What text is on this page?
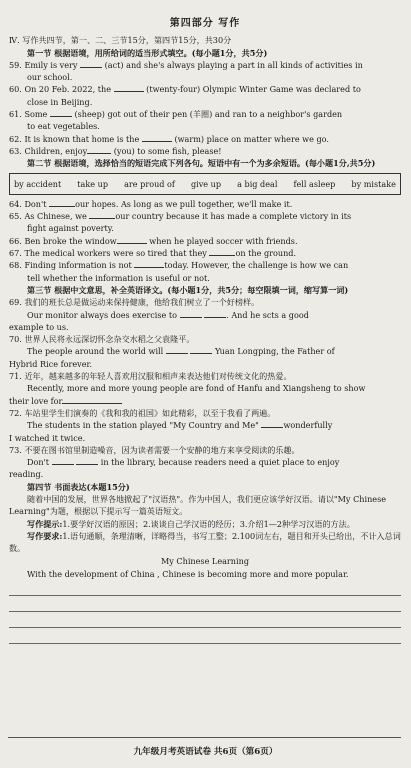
第四部分 写作
Ⅳ. 写作共四节，第一、二、三节15分，第四节15分，共30分
第一节 根据语境，用所给词的适当形式填空。(每小题1分，共5分)
59. Emily is very	(act) and she's always playing a part in all kinds of activities in
our school.
60. On 20 Feb. 2022, the	(twenty-four) Olympic Winter Game was declared to
close in Beijing.
61. Some	(sheep) got out of their pen (羊圈) and ran to a neighbor's garden
to eat vegetables.
62. It is known that home is the	(warm) place on matter where we go.
63. Children, enjoy	(you) to some fish, please!
第二节 根据语境，选择恰当的短语完成下列各句。短语中有一个为多余短语。(每小题1分,共5分)
by accident take up are proud of give up a big deal fell asleep by mistake
64. Don't	our hopes. As long as we pull together, we'll make it.
65. As Chinese, we	our country because it has made a complete victory in its
fight against poverty.
66. Ben broke the window	when he played soccer with friends.
67. The medical workers were so tired that they	on the ground.
68. Finding information is not	today. However, the challenge is how we can
tell whether the information is useful or not.
第三节 根据中文意思，补全英语译文。(每小题1分，共5分；每空限填一词，缩写算一词)
69. 我们的班长总是做运动来保持健康，他给我们树立了一个好榜样。
Our monitor always does exercise to	. And he scts a good
example to us.
70. 世界人民将永远深切怀念杂交水稻之父袁隆平。
The people around the world will	Yuan Longping, the Father of
Hybrid Rice forever.
71. 近年，越来越多的年轻人喜欢用汉服和相声来表达他们对传统文化的热爱。
Recently, more and more young people are fond of Hanfu and Xiangsheng to show
their love for
72. 车站里学生们演奏的《我和我的祖国》如此精彩，以至于我看了两遍。
The students in the station played "My Country and Me"	wonderfully
I watched it twice.
73. 不要在图书馆里制造噪音，因为读者需要一个安静的地方来享受阅读的乐趣。
Don't	in the library, because readers need a quiet place to enjoy
reading.
第四节 书面表达(本题15分)
随着中国的发展，世界各地掀起了"汉语热"。作为中国人，我们更应该学好汉语。请以"My Chinese Learning"为题，根据以下提示写一篇英语短文。
写作提示:1.要学好汉语的原因；2.谈谈自己学汉语的经历；3.介绍1—2种学习汉语的方法。
写作要求:1.语句通顺，条理清晰，详略得当，书写工整；2.100词左右，题目和开头已给出，不计入总词数。
My Chinese Learning
With the development of China , Chinese is becoming more and more popular.
九年级月考英语试卷 共6页（第6页）
